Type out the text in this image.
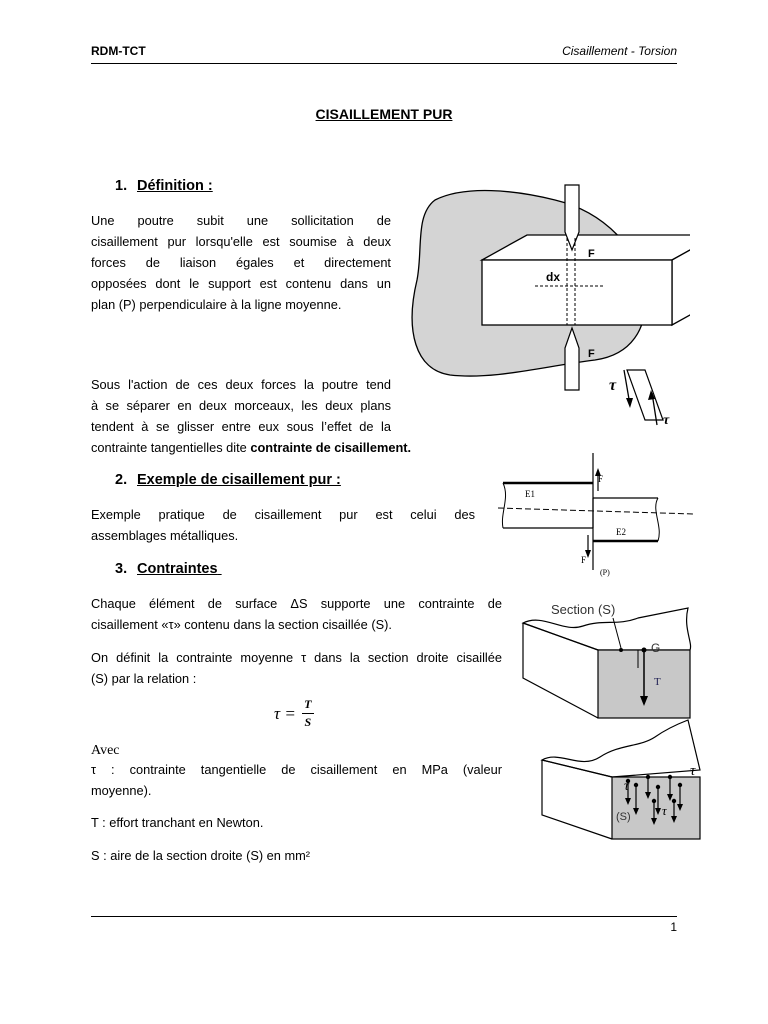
RDM-TCT	Cisaillement - Torsion
CISAILLEMENT PUR
1. Définition :
Une poutre subit une sollicitation de
cisaillement pur lorsqu'elle est soumise à deux
forces de liaison égales et directement
opposées dont le support est contenu dans un
plan (P) perpendiculaire à la ligne moyenne.
Sous l'action de ces deux forces la poutre tend
à se séparer en deux morceaux, les deux plans
tendent à se glisser entre eux sous l’effet de la
contrainte tangentielles dite contrainte de cisaillement.
2. Exemple de cisaillement pur :
Exemple pratique de cisaillement pur est celui des
assemblages métalliques.
3. Contraintes
Chaque élément de surface ΔS supporte une contrainte de
cisaillement «τ» contenu dans la section cisaillée (S).
On définit la contrainte moyenne τ dans la section droite cisaillée
(S) par la relation :
τ = T
S
Avec
τ : contrainte tangentielle de cisaillement en MPa (valeur
moyenne).
T : effort tranchant en Newton.
S : aire de la section droite (S) en mm²
F
dx
F
τ
τ
E1
E2
F
F
(P)
Section (S)
G
T
τ
τ
τ
(S)
1
